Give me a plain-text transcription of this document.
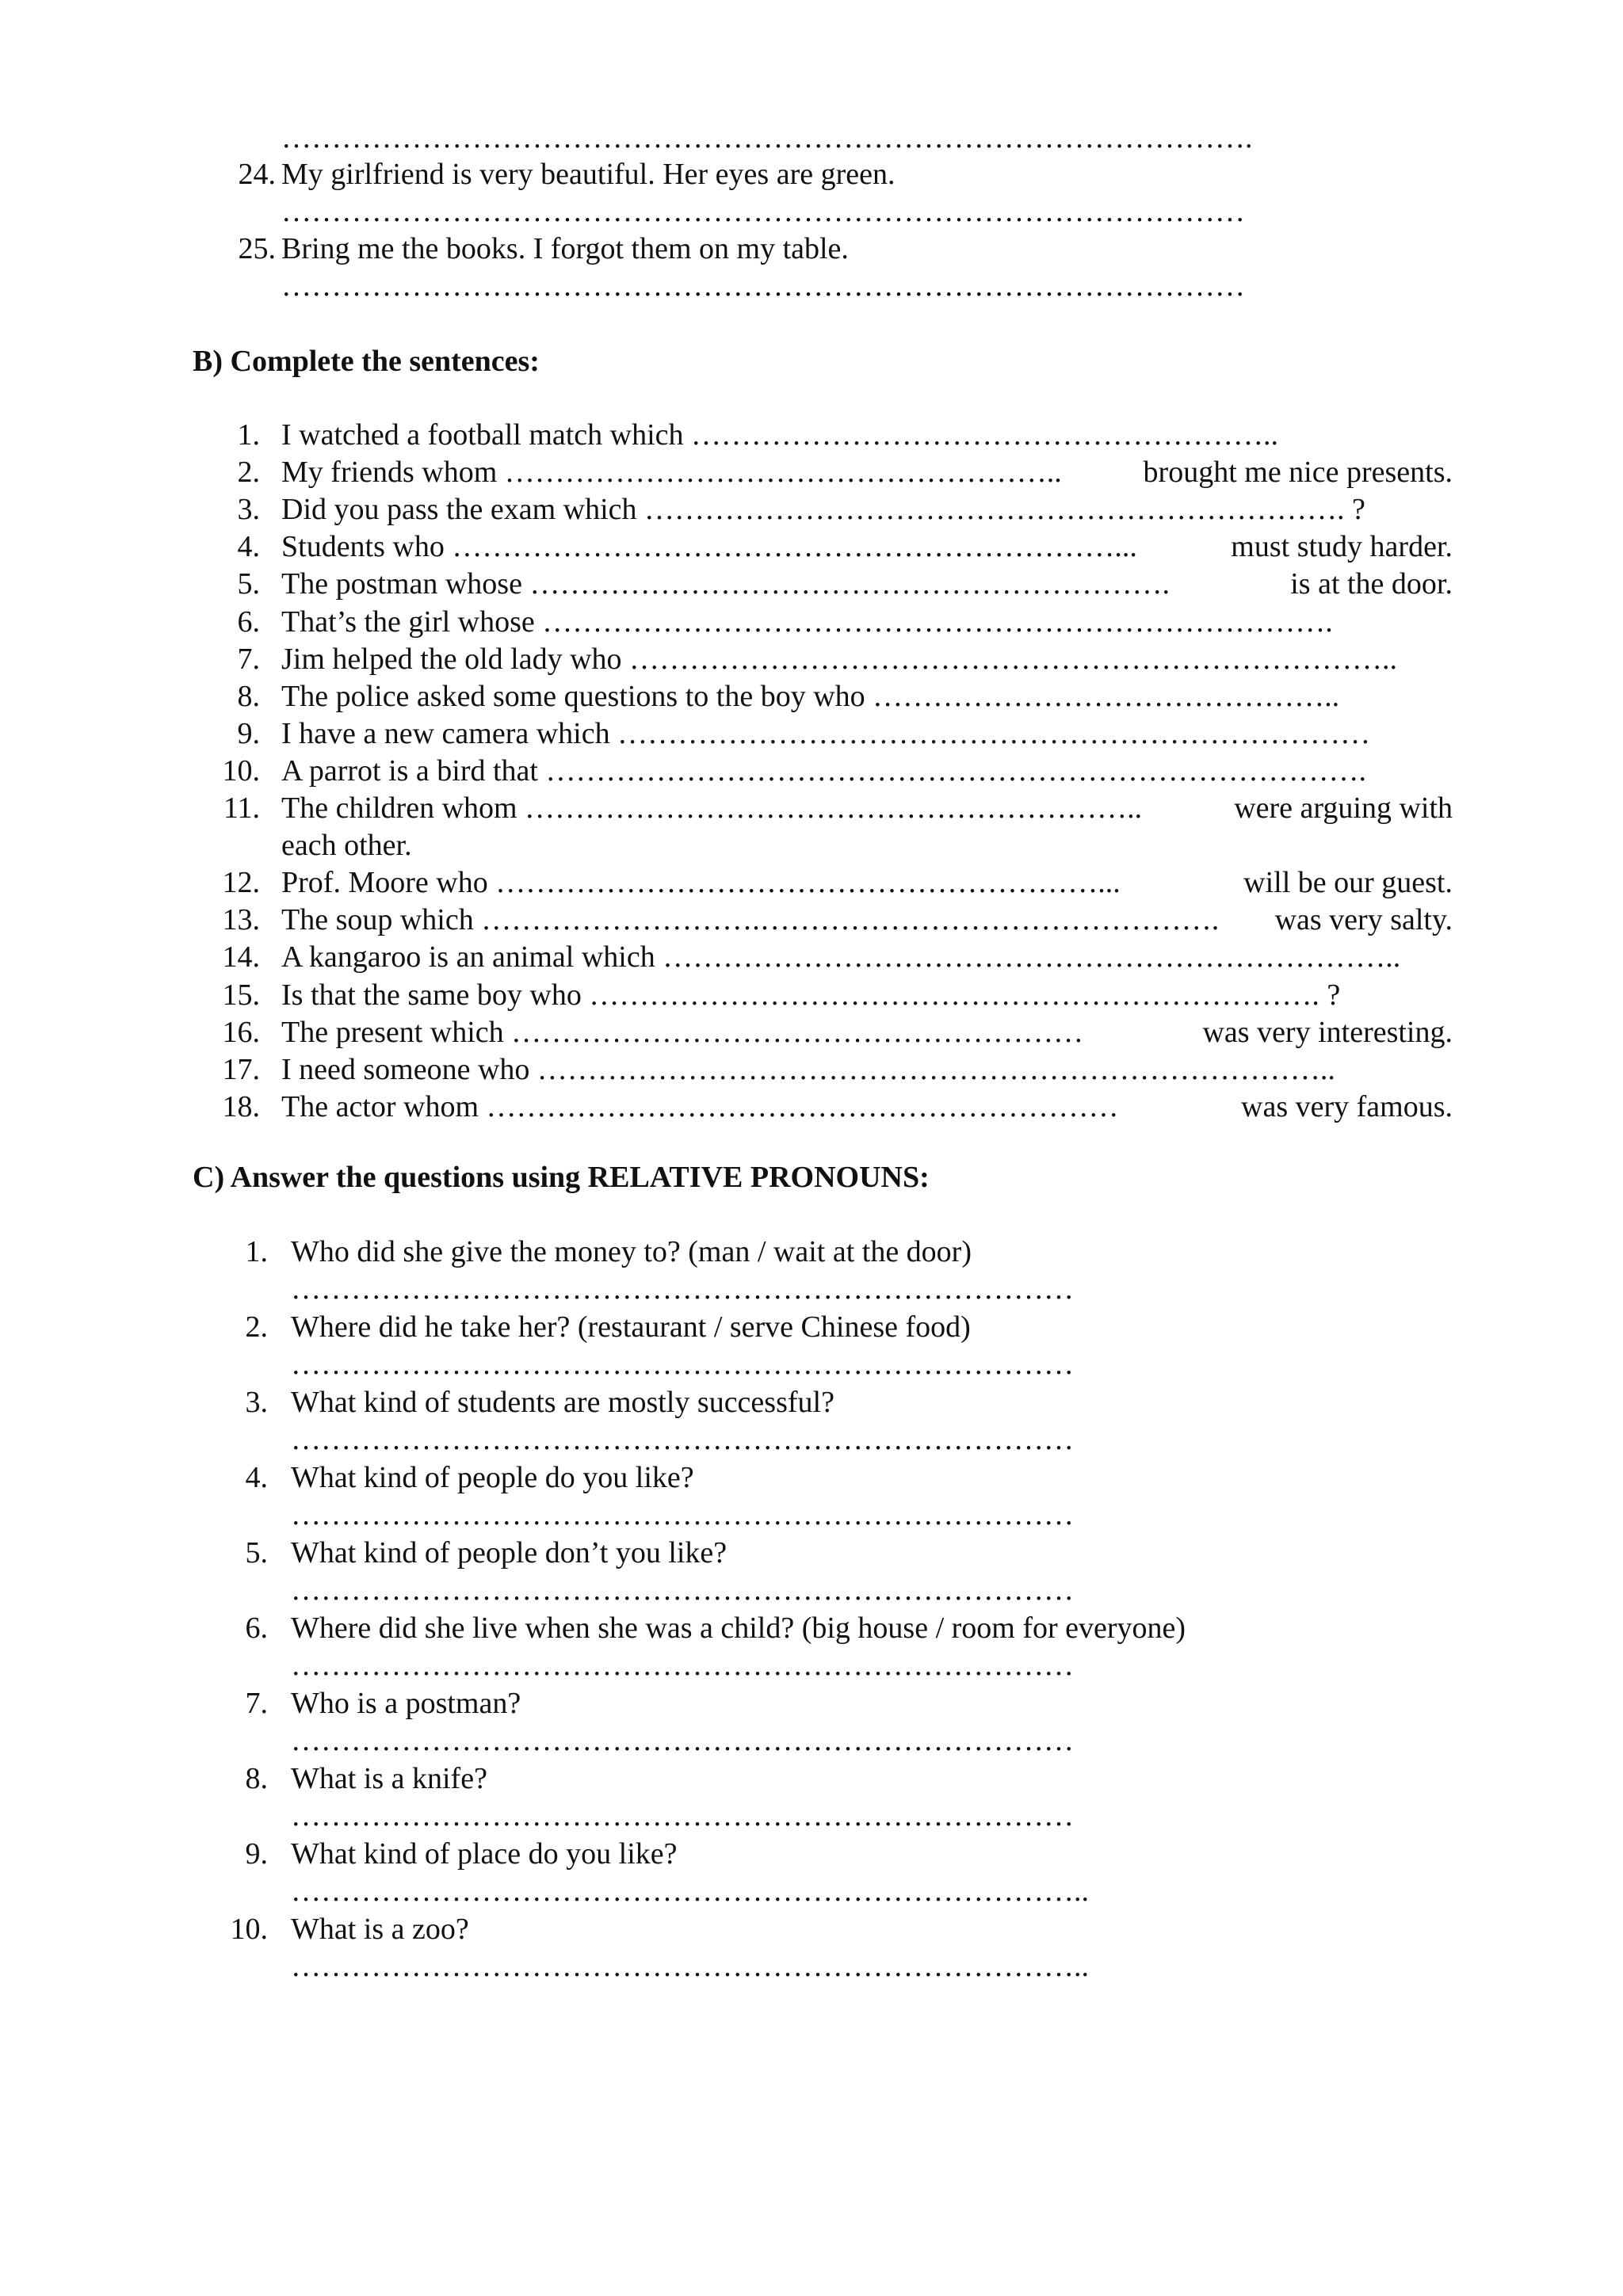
…………………………………………………………………………………….
24. My girlfriend is very beautiful. Her eyes are green.
……………………………………………………………………………………
25. Bring me the books. I forgot them on my table.
……………………………………………………………………………………
B) Complete the sentences:
1. I watched a football match which …………………………………………………..
2. My friends whom ………………………………………………..	brought me nice presents.
3. Did you pass the exam which ……………………………………………………………. ?
4. Students who …………………………………………………………...	must study harder.
5. The postman whose ……………………………………………………….	is at the door.
6. That’s the girl whose …………………………………………………………………….
7. Jim helped the old lady who …………………………………………………………………..
8. The police asked some questions to the boy who ………………………………………..
9. I have a new camera which …………………………………………………………………
10. A parrot is a bird that ……………………………………………………………………….
11. The children whom ……………………………………………………..	were arguing with
each other.
12. Prof. Moore who ……………………………………………………...	will be our guest.
13. The soup which ……………………….………………………………………. was very salty.
14. A kangaroo is an animal which ………………………………………………………………..
15. Is that the same boy who ………………………………………………………………. ?
16. The present which …………………………………………………	was very interesting.
17. I need someone who ……………………………………………………………………..
18. The actor whom ………………………………………………………	was very famous.
C) Answer the questions using RELATIVE PRONOUNS:
1. Who did she give the money to? (man / wait at the door)
……………………………………………………………………
2. Where did he take her? (restaurant / serve Chinese food)
……………………………………………………………………
3. What kind of students are mostly successful?
……………………………………………………………………
4. What kind of people do you like?
……………………………………………………………………
5. What kind of people don’t you like?
……………………………………………………………………
6. Where did she live when she was a child? (big house / room for everyone)
……………………………………………………………………
7. Who is a postman?
……………………………………………………………………
8. What is a knife?
……………………………………………………………………
9. What kind of place do you like?
……………………………………………………………………..
10. What is a zoo?
……………………………………………………………………..
